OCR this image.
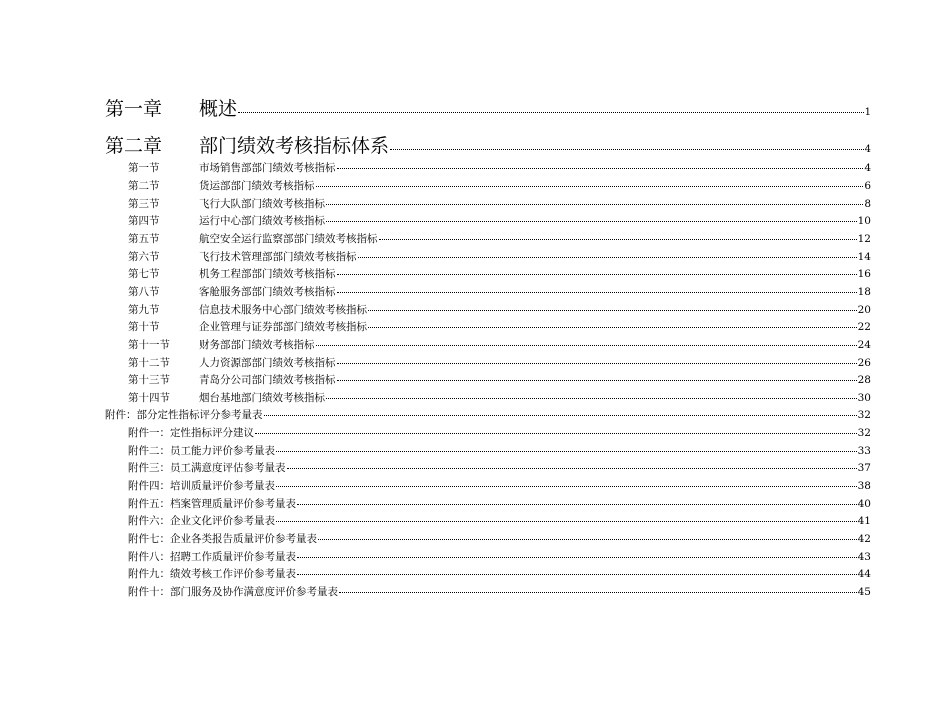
第一章	概述	1
第二章	部门绩效考核指标体系	4
第一节	市场销售部部门绩效考核指标	4
第二节	货运部部门绩效考核指标	6
第三节	飞行大队部门绩效考核指标	8
第四节	运行中心部门绩效考核指标	10
第五节	航空安全运行监察部部门绩效考核指标	12
第六节	飞行技术管理部部门绩效考核指标	14
第七节	机务工程部部门绩效考核指标	16
第八节	客舱服务部部门绩效考核指标	18
第九节	信息技术服务中心部门绩效考核指标	20
第十节	企业管理与证券部部门绩效考核指标	22
第十一节	财务部部门绩效考核指标	24
第十二节	人力资源部部门绩效考核指标	26
第十三节	青岛分公司部门绩效考核指标	28
第十四节	烟台基地部门绩效考核指标	30
附件：部分定性指标评分参考量表	32
附件一：定性指标评分建议	32
附件二：员工能力评价参考量表	33
附件三：员工满意度评估参考量表	37
附件四：培训质量评价参考量表	38
附件五：档案管理质量评价参考量表	40
附件六：企业文化评价参考量表	41
附件七：企业各类报告质量评价参考量表	42
附件八：招聘工作质量评价参考量表	43
附件九：绩效考核工作评价参考量表	44
附件十：部门服务及协作满意度评价参考量表	45
